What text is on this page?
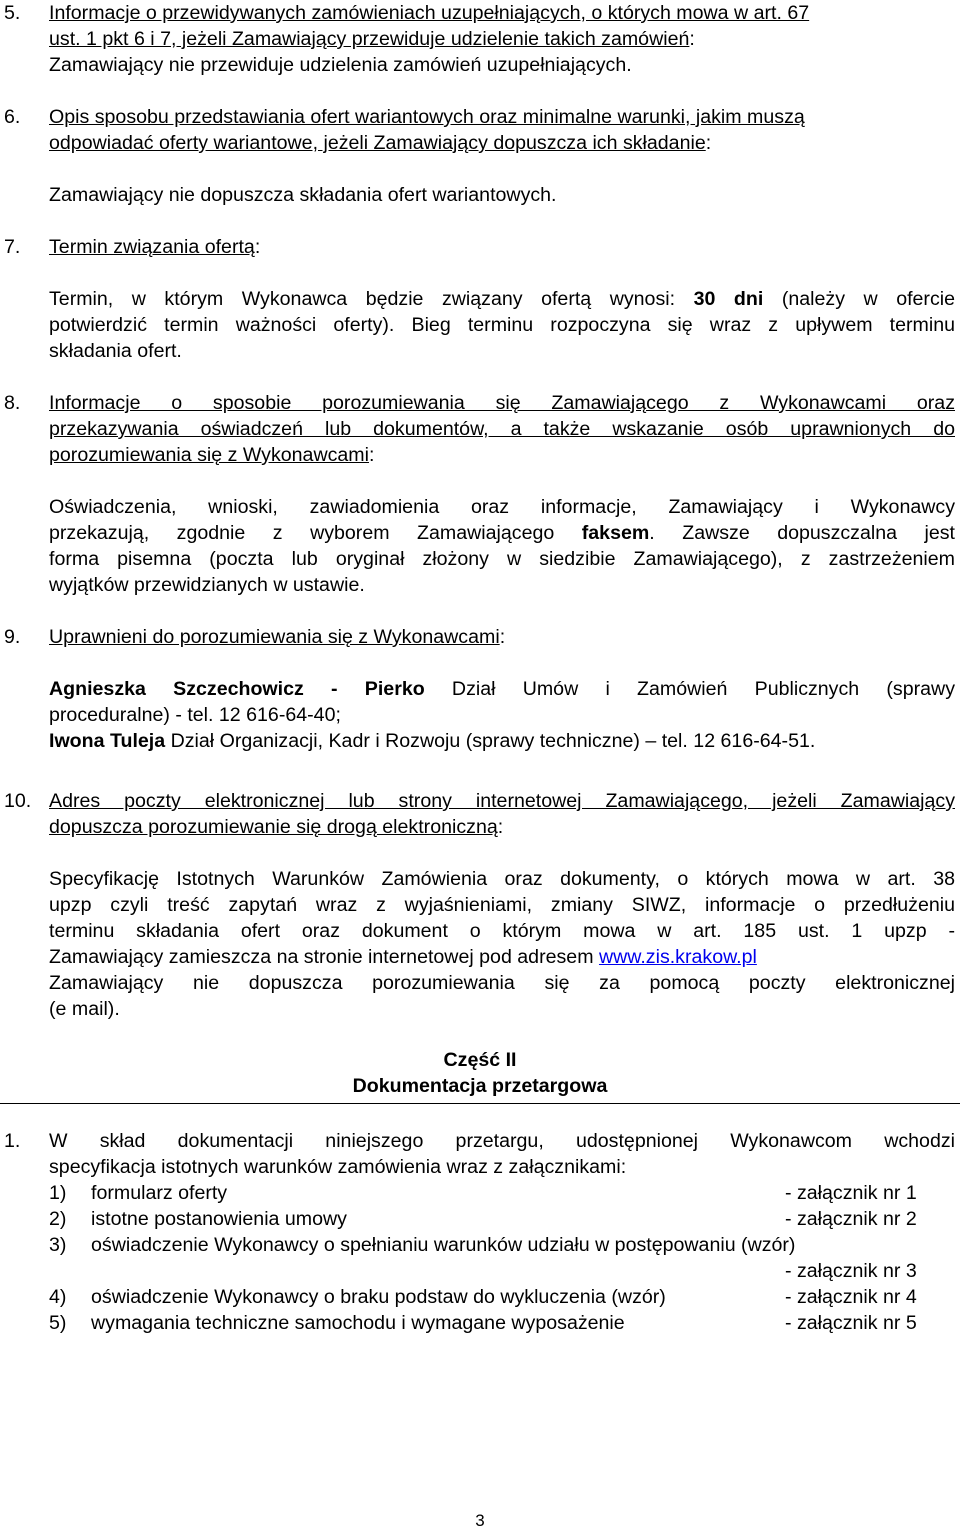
5. Informacje o przewidywanych zamówieniach uzupełniających, o których mowa w art. 67
ust. 1 pkt 6 i 7, jeżeli Zamawiający przewiduje udzielenie takich zamówień:
Zamawiający nie przewiduje udzielenia zamówień uzupełniających.
6. Opis sposobu przedstawiania ofert wariantowych oraz minimalne warunki, jakim muszą
odpowiadać oferty wariantowe, jeżeli Zamawiający dopuszcza ich składanie:
Zamawiający nie dopuszcza składania ofert wariantowych.
7. Termin związania ofertą:
Termin, w którym Wykonawca będzie związany ofertą wynosi: 30 dni (należy w ofercie
potwierdzić termin ważności oferty). Bieg terminu rozpoczyna się wraz z upływem terminu
składania ofert.
8. Informacje o sposobie porozumiewania się Zamawiającego z Wykonawcami oraz
przekazywania oświadczeń lub dokumentów, a także wskazanie osób uprawnionych do
porozumiewania się z Wykonawcami:
Oświadczenia, wnioski, zawiadomienia oraz informacje, Zamawiający i Wykonawcy
przekazują, zgodnie z wyborem Zamawiającego faksem. Zawsze dopuszczalna jest
forma pisemna (poczta lub oryginał złożony w siedzibie Zamawiającego), z zastrzeżeniem
wyjątków przewidzianych w ustawie.
9. Uprawnieni do porozumiewania się z Wykonawcami:
Agnieszka Szczechowicz - Pierko Dział Umów i Zamówień Publicznych (sprawy
proceduralne) - tel. 12 616-64-40;
Iwona Tuleja Dział Organizacji, Kadr i Rozwoju (sprawy techniczne) – tel. 12 616-64-51.
10. Adres poczty elektronicznej lub strony internetowej Zamawiającego, jeżeli Zamawiający
dopuszcza porozumiewanie się drogą elektroniczną:
Specyfikację Istotnych Warunków Zamówienia oraz dokumenty, o których mowa w art. 38
upzp czyli treść zapytań wraz z wyjaśnieniami, zmiany SIWZ, informacje o przedłużeniu
terminu składania ofert oraz dokument o którym mowa w art. 185 ust. 1 upzp -
Zamawiający zamieszcza na stronie internetowej pod adresem www.zis.krakow.pl
Zamawiający nie dopuszcza porozumiewania się za pomocą poczty elektronicznej
(e mail).
Część II
Dokumentacja przetargowa
1. W skład dokumentacji niniejszego przetargu, udostępnionej Wykonawcom wchodzi
specyfikacja istotnych warunków zamówienia wraz z załącznikami:
1) formularz oferty	- załącznik nr 1
2) istotne postanowienia umowy	- załącznik nr 2
3) oświadczenie Wykonawcy o spełnianiu warunków udziału w postępowaniu (wzór)
- załącznik nr 3
4) oświadczenie Wykonawcy o braku podstaw do wykluczenia (wzór)	- załącznik nr 4
5) wymagania techniczne samochodu i wymagane wyposażenie	- załącznik nr 5
3
